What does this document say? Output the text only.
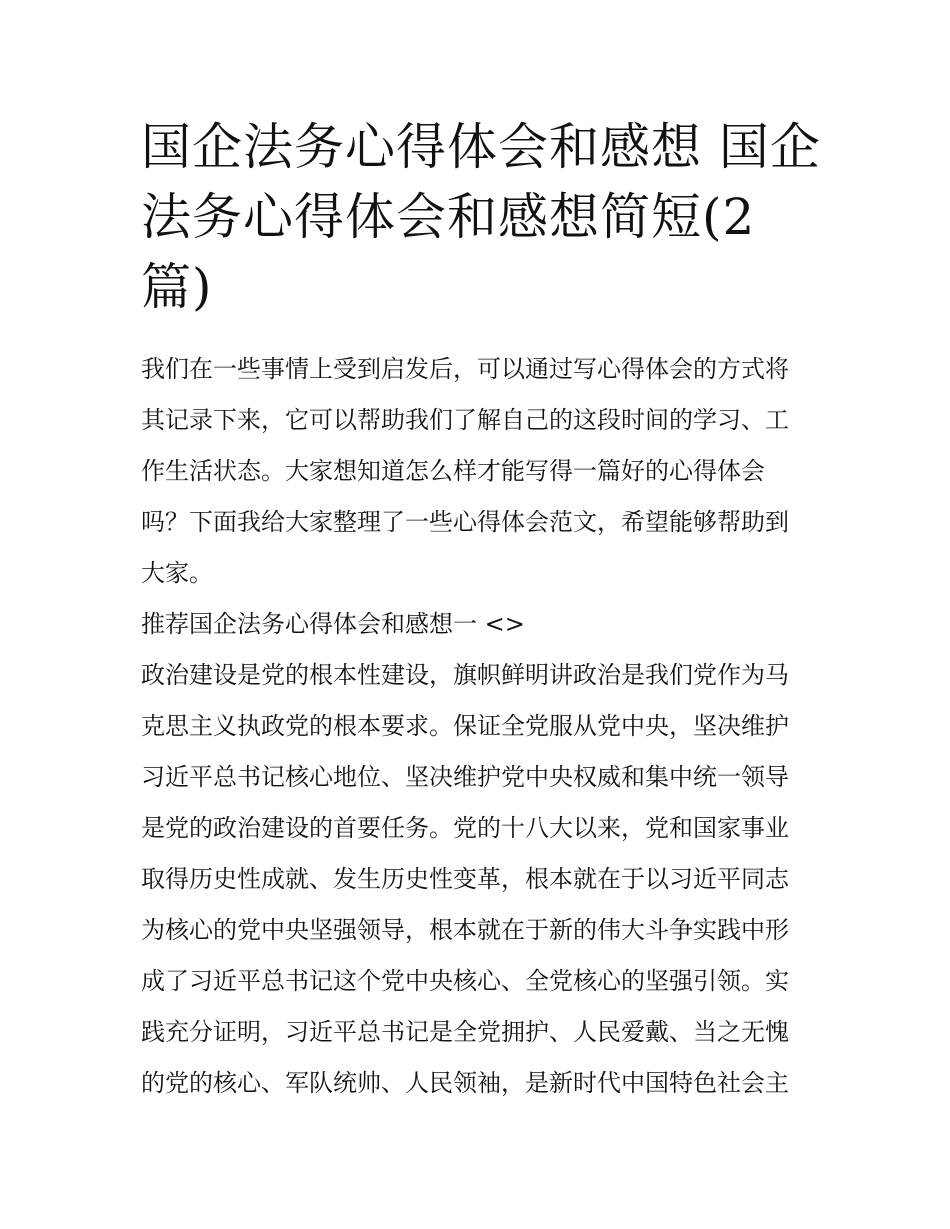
国企法务心得体会和感想 国企
法务心得体会和感想简短(2
篇)

我们在一些事情上受到启发后，可以通过写心得体会的方式将
其记录下来，它可以帮助我们了解自己的这段时间的学习、工
作生活状态。大家想知道怎么样才能写得一篇好的心得体会
吗？下面我给大家整理了一些心得体会范文，希望能够帮助到
大家。

推荐国企法务心得体会和感想一 <>

政治建设是党的根本性建设，旗帜鲜明讲政治是我们党作为马
克思主义执政党的根本要求。保证全党服从党中央，坚决维护
习近平总书记核心地位、坚决维护党中央权威和集中统一领导
是党的政治建设的首要任务。党的十八大以来，党和国家事业
取得历史性成就、发生历史性变革，根本就在于以习近平同志
为核心的党中央坚强领导，根本就在于新的伟大斗争实践中形
成了习近平总书记这个党中央核心、全党核心的坚强引领。实
践充分证明，习近平总书记是全党拥护、人民爱戴、当之无愧
的党的核心、军队统帅、人民领袖，是新时代中国特色社会主
